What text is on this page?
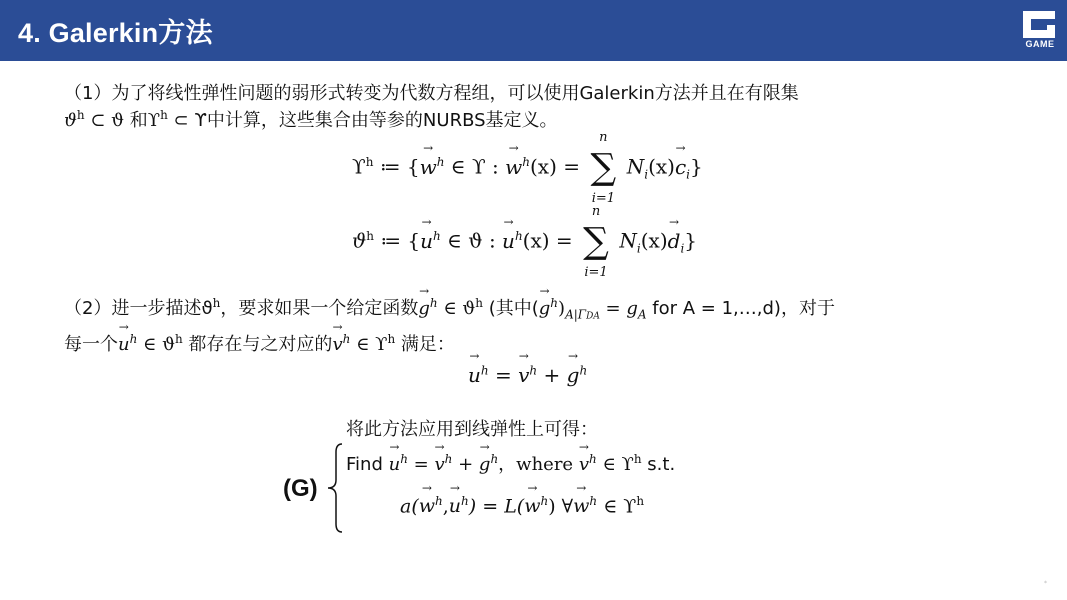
4. Galerkin方法	GAME
（1）为了将线性弹性问题的弱形式转变为代数方程组，可以使用Galerkin方法并且在有限集
$ϑ^h$ ⊂ ϑ 和$ϒ^h$ ⊂ ϒ中计算，这些集合由等参的NURBS基定义。
$ϒ^h$ ≔ {→ $w^h$ ∈ ϒ : → $w^h(x)$ =
n
∑
i=1
$N_i(x)\to c_i$}
$ϑ^h$ ≔ {→ $u^h$ ∈ ϑ : → $u^h(x)$ =
n
∑
i=1
$N_i(x)\to d_i$}
（2）进一步描述$ϑ^h$，要求如果一个给定函数→ $g^h$ ∈ $ϑ^h$ (其中(→ $g^h)_{A|\Gamma DA} = g_A$ for A = 1,…,d)，对于
每一个→ $u^h$ ∈ $ϑ^h$ 都存在与之对应的→ $v^h$ ∈ $ϒ^h$ 满足：
→ $u^h$ = → $v^h$ + → $g^h$
将此方法应用到线弹性上可得：
(G)
Find → $u^h$ = → $v^h$ + → $g^h$，where → $v^h$ ∈ $ϒ^h$ s.t.
$a(\to w^h,\to u^h) = L(\to w^h)$ ∀→ $w^h$ ∈ $ϒ^h$
*
